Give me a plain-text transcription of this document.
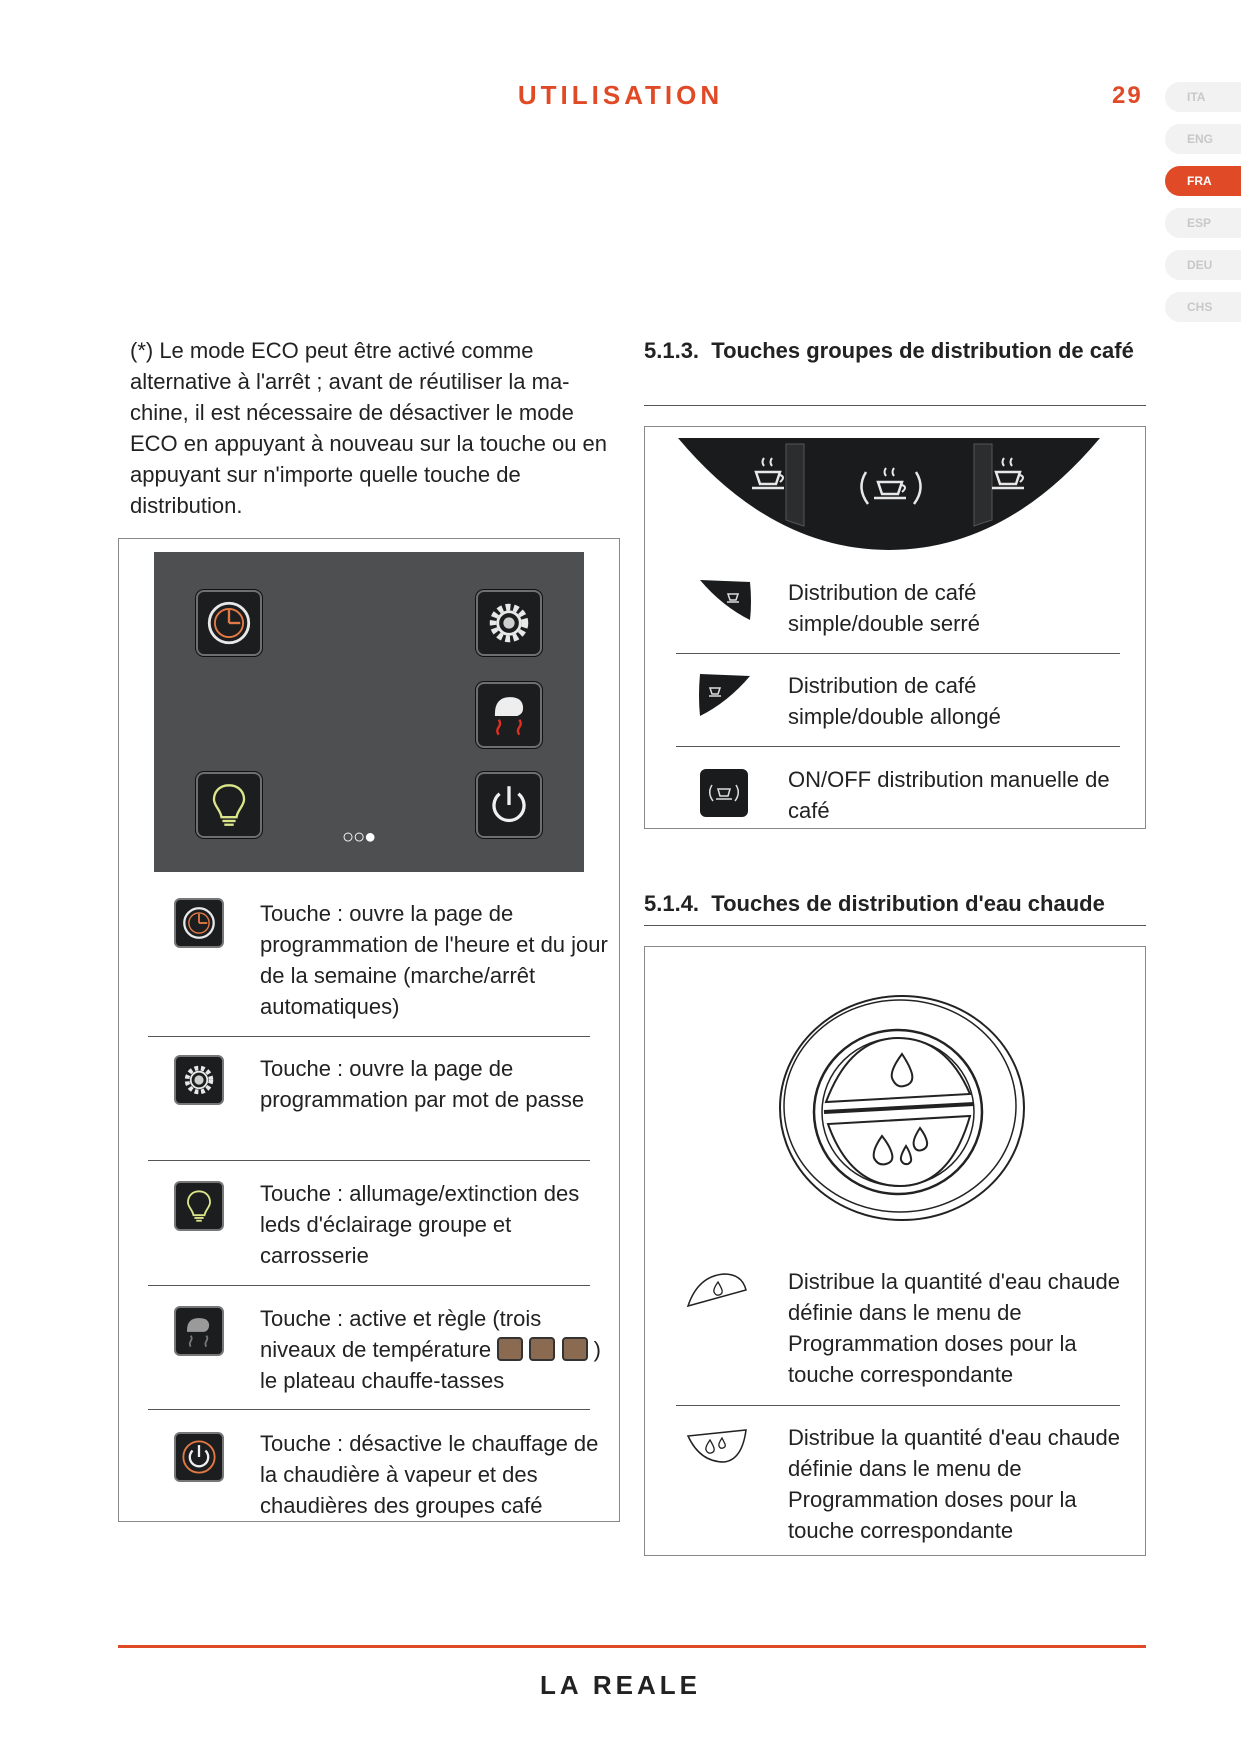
UTILISATION	29	ITA
ENG
FRA
ESP
DEU
CHS
(*) Le mode ECO peut être activé comme alternative à l'arrêt ; avant de réutiliser la ma-chine, il est nécessaire de désactiver le mode ECO en appuyant à nouveau sur la touche ou en appuyant sur n'importe quelle touche de distribution.
○○●
Touche : ouvre la page de programmation de l'heure et du jour de la semaine (marche/arrêt automatiques)
Touche : ouvre la page de programmation par mot de passe
Touche : allumage/extinction des leds d'éclairage groupe et carrosserie
Touche : active et règle (trois niveaux de température	) le plateau chauffe-tasses
Touche : désactive le chauffage de la chaudière à vapeur et des chaudières des groupes café
5.1.3. Touches groupes de distribution de café
Distribution de café simple/double serré
Distribution de café simple/double allongé
ON/OFF distribution manuelle de café
5.1.4. Touches de distribution d'eau chaude
Distribue la quantité d'eau chaude définie dans le menu de Programmation doses pour la touche correspondante
Distribue la quantité d'eau chaude définie dans le menu de Programmation doses pour la touche correspondante
LA REALE
